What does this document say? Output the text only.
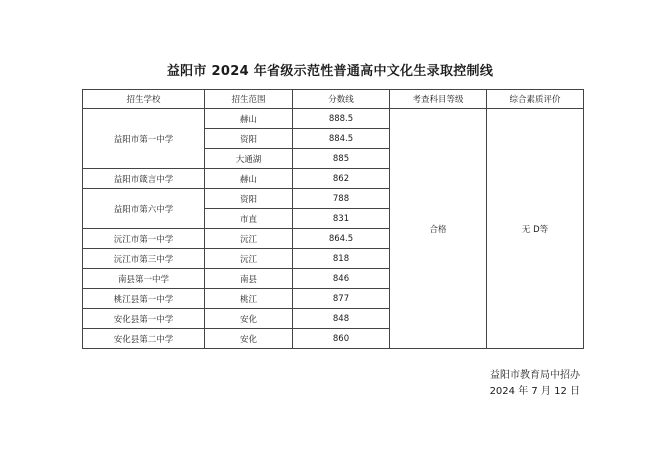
益阳市 2024 年省级示范性普通高中文化生录取控制线
招生学校	招生范围	分数线	考查科目等级	综合素质评价
益阳市第一中学	赫山	888.5	合格	无 D等
	资阳	884.5		
	大通湖	885		
益阳市箴言中学	赫山	862		
益阳市第六中学	资阳	788		
	市直	831		
沅江市第一中学	沅江	864.5		
沅江市第三中学	沅江	818		
南县第一中学	南县	846		
桃江县第一中学	桃江	877		
安化县第一中学	安化	848		
安化县第二中学	安化	860		
益阳市教育局中招办
2024 年 7 月 12 日
